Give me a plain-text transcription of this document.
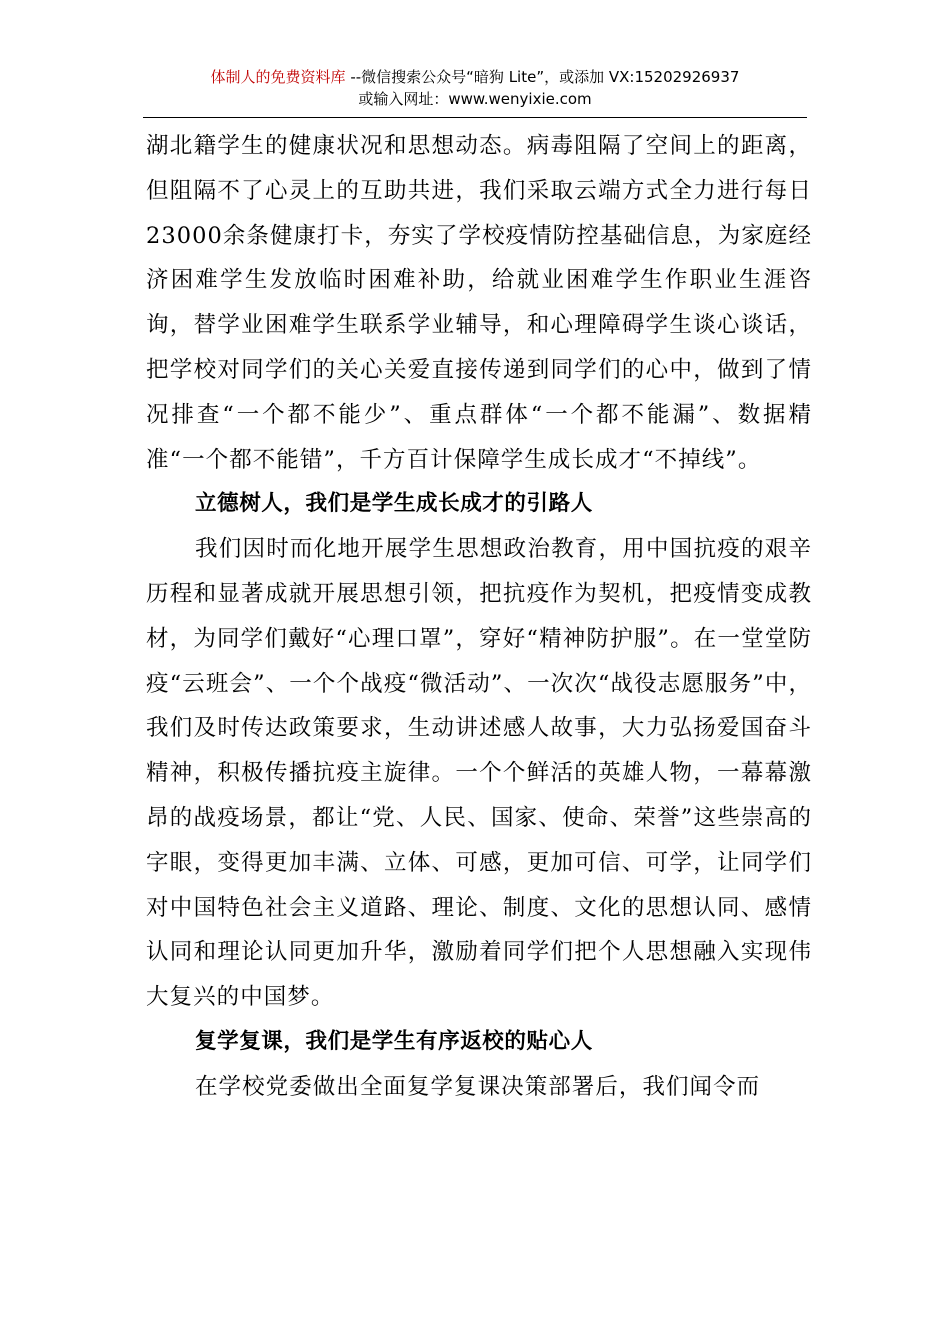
体制人的免费资料库 --微信搜索公众号“暗狗 Lite”，或添加 VX:15202926937
或输入网址：www.wenyixie.com

湖北籍学生的健康状况和思想动态。病毒阻隔了空间上的距离，但阻隔不了心灵上的互助共进，我们采取云端方式全力进行每日23000余条健康打卡，夯实了学校疫情防控基础信息，为家庭经济困难学生发放临时困难补助，给就业困难学生作职业生涯咨询，替学业困难学生联系学业辅导，和心理障碍学生谈心谈话，把学校对同学们的关心关爱直接传递到同学们的心中，做到了情况排查“一个都不能少”、重点群体“一个都不能漏”、数据精准“一个都不能错”，千方百计保障学生成长成才“不掉线”。

立德树人，我们是学生成长成才的引路人

我们因时而化地开展学生思想政治教育，用中国抗疫的艰辛历程和显著成就开展思想引领，把抗疫作为契机，把疫情变成教材，为同学们戴好“心理口罩”，穿好“精神防护服”。在一堂堂防疫“云班会”、一个个战疫“微活动”、一次次“战役志愿服务”中，我们及时传达政策要求，生动讲述感人故事，大力弘扬爱国奋斗精神，积极传播抗疫主旋律。一个个鲜活的英雄人物，一幕幕激昂的战疫场景，都让“党、人民、国家、使命、荣誉”这些崇高的字眼，变得更加丰满、立体、可感，更加可信、可学，让同学们对中国特色社会主义道路、理论、制度、文化的思想认同、感情认同和理论认同更加升华，激励着同学们把个人思想融入实现伟大复兴的中国梦。

复学复课，我们是学生有序返校的贴心人

在学校党委做出全面复学复课决策部署后，我们闻令而
